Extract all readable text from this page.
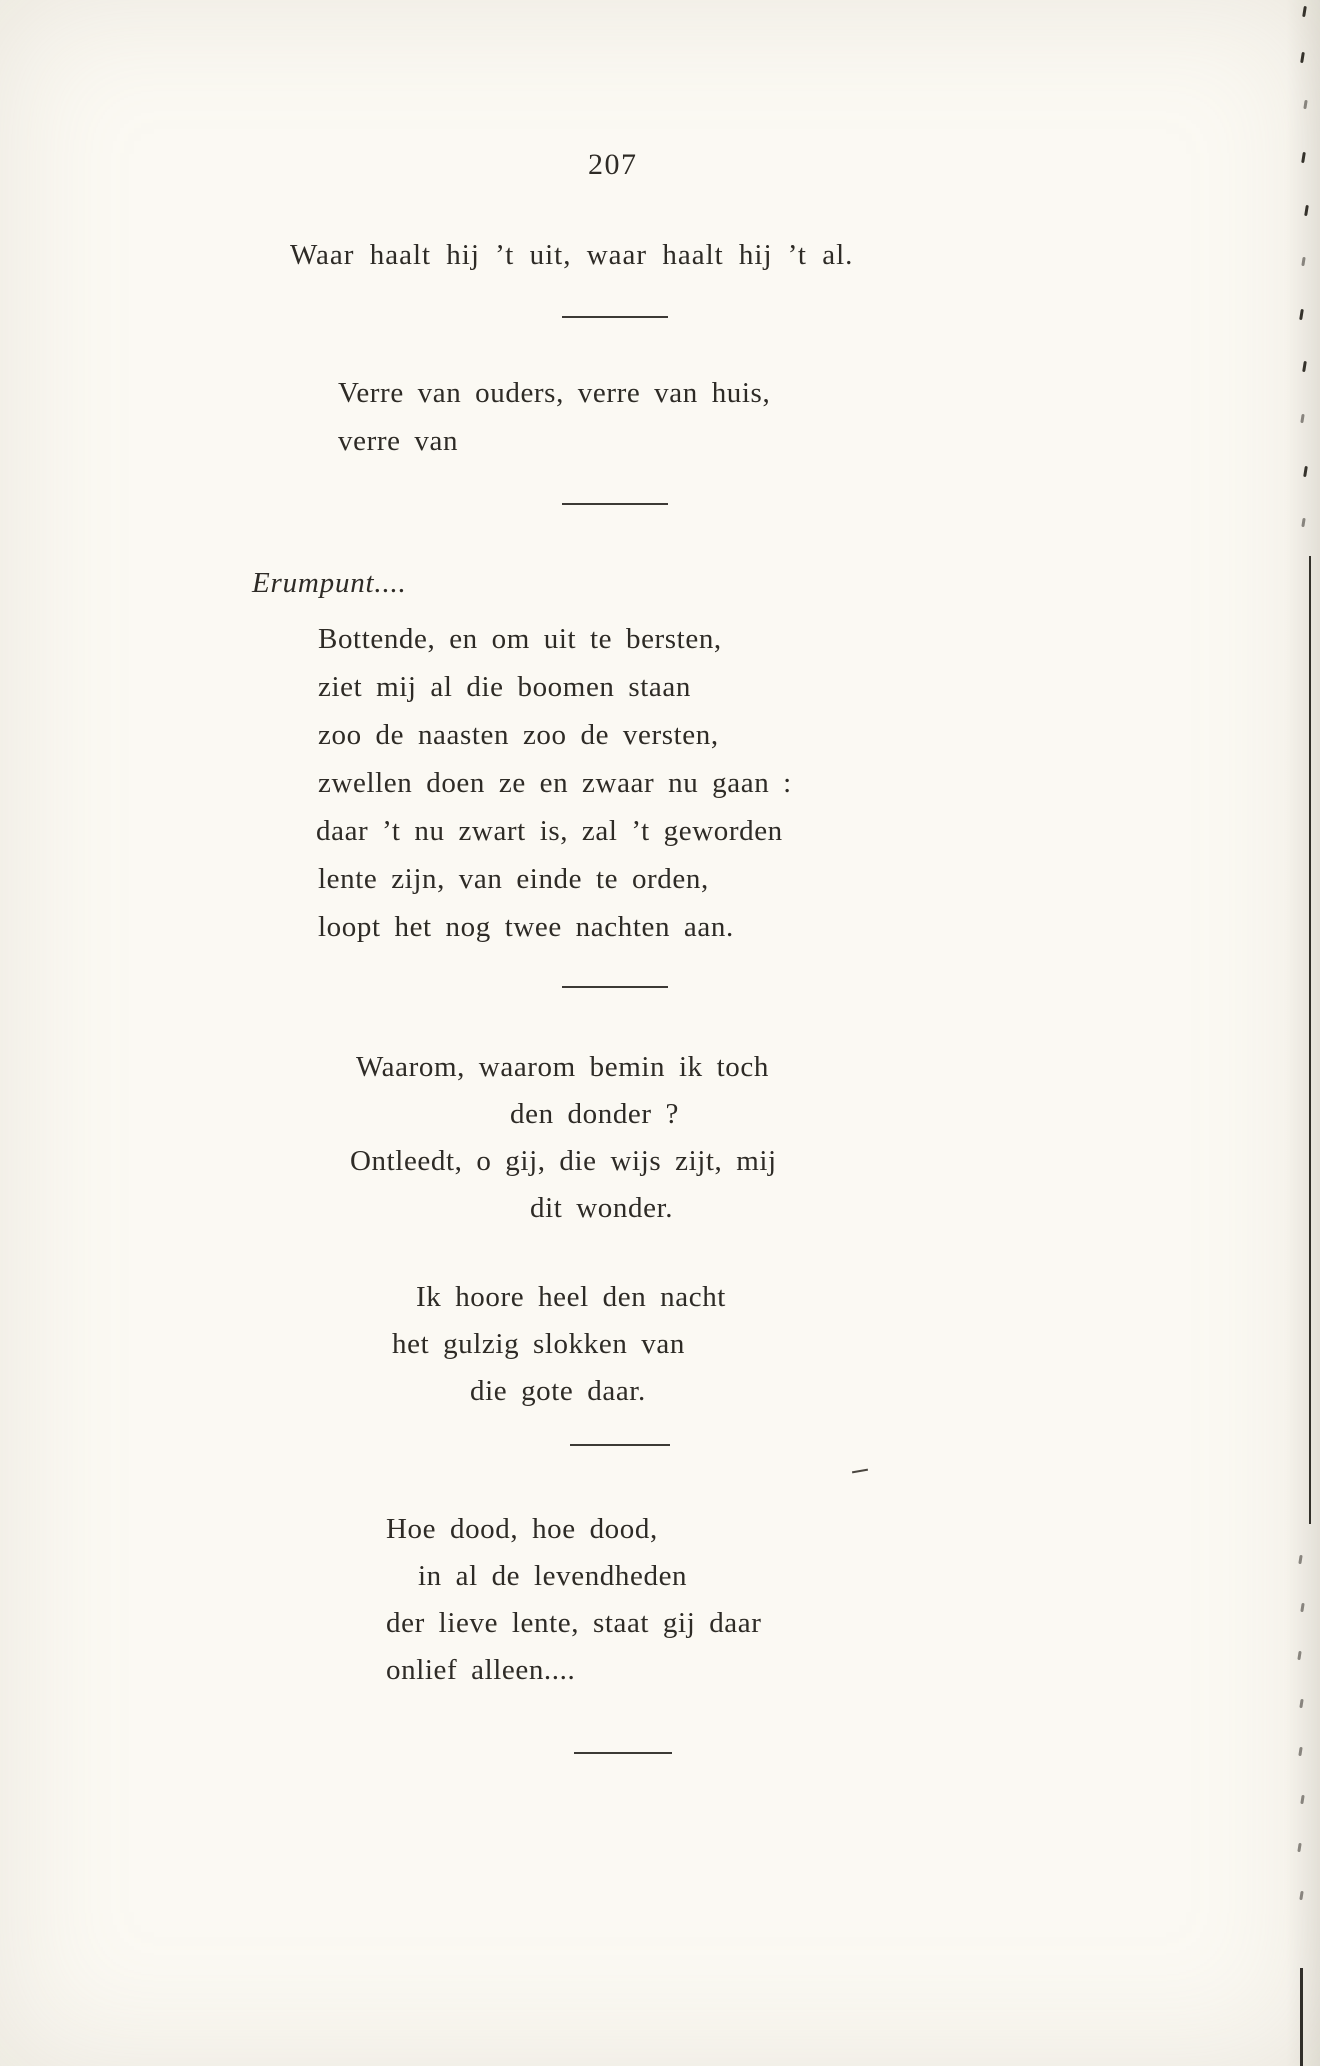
207
Waar haalt hij ’t uit, waar haalt hij ’t al.
Verre van ouders, verre van huis,
verre van
Erumpunt....
Bottende, en om uit te bersten,
ziet mij al die boomen staan
zoo de naasten zoo de versten,
zwellen doen ze en zwaar nu gaan :
daar ’t nu zwart is, zal ’t geworden
lente zijn, van einde te orden,
loopt het nog twee nachten aan.
Waarom, waarom bemin ik toch
den donder ?
Ontleedt, o gij, die wijs zijt, mij
dit wonder.
Ik hoore heel den nacht
het gulzig slokken van
die gote daar.
Hoe dood, hoe dood,
in al de levendheden
der lieve lente, staat gij daar
onlief alleen....
